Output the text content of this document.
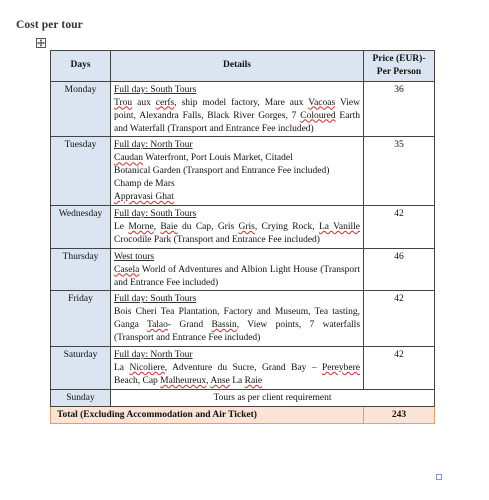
Cost per tour
Days	Details	Price (EUR)-
Per Person

Monday	Full day: South Tours
Trou aux cerfs, ship model factory, Mare aux Vacoas View point, Alexandra Falls, Black River Gorges, 7 Coloured Earth and Waterfall (Transport and Entrance Fee included)	36
Tuesday	Full day: North Tour
Caudan Waterfront, Port Louis Market, Citadel
Botanical Garden (Transport and Entrance Fee included)
Champ de Mars
Appravasi Ghat	35
Wednesday	Full day: South Tours
Le Morne, Baie du Cap, Gris Gris, Crying Rock, La Vanille Crocodile Park (Transport and Entrance Fee included)	42
Thursday	West tours
Casela World of Adventures and Albion Light House (Transport and Entrance Fee included)	46
Friday	Full day: South Tours
Bois Cheri Tea Plantation, Factory and Museum, Tea tasting, Ganga Talao- Grand Bassin, View points, 7 waterfalls (Transport and Entrance Fee included)	42
Saturday	Full day: North Tour
La Nicoliere, Adventure du Sucre, Grand Bay – Pereybere Beach, Cap Malheureux, Anse La Raie	42
Sunday	Tours as per client requirement	
Total (Excluding Accommodation and Air Ticket)		243
